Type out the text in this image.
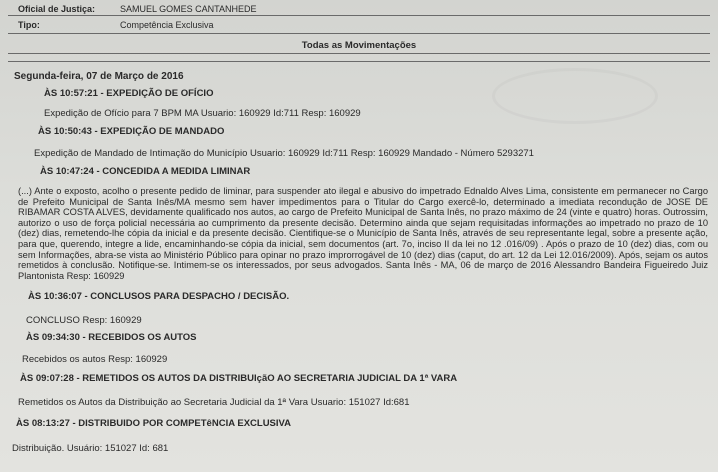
Oficial de Justiça:	SAMUEL GOMES CANTANHEDE
Tipo:	Competência Exclusiva
Todas as Movimentações
Segunda-feira, 07 de Março de 2016
ÀS 10:57:21 - EXPEDIÇÃO DE OFÍCIO
Expedição de Ofício para 7 BPM MA Usuario: 160929 Id:711 Resp: 160929
ÀS 10:50:43 - EXPEDIÇÃO DE MANDADO
Expedição de Mandado de Intimação do Município Usuario: 160929 Id:711 Resp: 160929 Mandado - Número 5293271
ÀS 10:47:24 - CONCEDIDA A MEDIDA LIMINAR
(...) Ante o exposto, acolho o presente pedido de liminar, para suspender ato ilegal e abusivo do impetrado Ednaldo Alves Lima, consistente em permanecer no Cargo de Prefeito Municipal de Santa Inês/MA mesmo sem haver impedimentos para o Titular do Cargo exercê-lo, determinado a imediata recondução de JOSE DE RIBAMAR COSTA ALVES, devidamente qualificado nos autos, ao cargo de Prefeito Municipal de Santa Inês, no prazo máximo de 24 (vinte e quatro) horas. Outrossim, autorizo o uso de força policial necessária ao cumprimento da presente decisão. Determino ainda que sejam requisitadas informações ao impetrado no prazo de 10 (dez) dias, remetendo-lhe cópia da inicial e da presente decisão. Cientifique-se o Município de Santa Inês, através de seu representante legal, sobre a presente ação, para que, querendo, integre a lide, encaminhando-se cópia da inicial, sem documentos (art. 7o, inciso II da lei no 12 .016/09) . Após o prazo de 10 (dez) dias, com ou sem Informações, abra-se vista ao Ministério Público para opinar no prazo improrrogável de 10 (dez) dias (caput, do art. 12 da Lei 12.016/2009). Após, sejam os autos remetidos à conclusão. Notifique-se. Intimem-se os interessados, por seus advogados. Santa Inês - MA, 06 de março de 2016 Alessandro Bandeira Figueiredo Juiz Plantonista Resp: 160929
ÀS 10:36:07 - CONCLUSOS PARA DESPACHO / DECISÃO.
CONCLUSO Resp: 160929
ÀS 09:34:30 - RECEBIDOS OS AUTOS
Recebidos os autos Resp: 160929
ÀS 09:07:28 - REMETIDOS OS AUTOS DA DISTRIBUIçãO AO SECRETARIA JUDICIAL DA 1ª VARA
Remetidos os Autos da Distribuição ao Secretaria Judicial da 1ª Vara Usuario: 151027 Id:681
ÀS 08:13:27 - DISTRIBUIDO POR COMPETêNCIA EXCLUSIVA
Distribuição. Usuário: 151027 Id: 681
